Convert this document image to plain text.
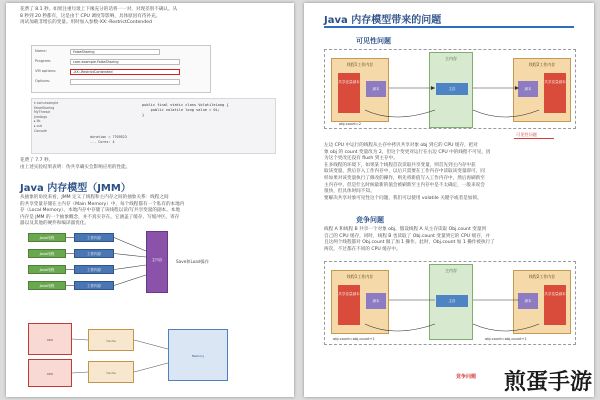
花费了 8.1 秒。如果注重垃圾上下缘充分的话将一一对，对现差别不确认。从
8 秒到 20 秒都有，这是由于 CPU 调度等影响，具体原因有待补充。
再试加载非增长的变量。用时加入参数-XX:-RestrictContended
Name:	FalseSharing
Program:	com.example.FalseSharing
VM options:	-XX:-RestrictContended
Options:
▾ com.example
FalseSharing
MyThread
JvmArgs
▸ lib
▸ out
Console
public final static class VolatileLong {
public volatile long value = 0L;
}
duration = 7709523
... Cores: 4
花费了 7.7 秒。
由上述实验结果表明：伪共享确实会影响应用的性能。
Java 内存模型（JMM）
从抽象的角度来看，JMM 定义了线程和主内存之间的抽象关系：线程之间
的共享变量存储在主内存（Main Memory）中，每个线程都有一个私有的本地内
存（Local Memory），本地内存中存储了该线程以读/写共享变量的副本。本地
内存是 JMM 的一个抽象概念，并不真实存在。它涵盖了缓存、写缓冲区、寄存
器以及其他的硬件和编译器优化。
Java线程	工作内存
Java线程	工作内存
Java线程	工作内存
Java线程	工作内存
主内存	Save和Load操作
CPU
CPU
Cache
Cache
Memory
Java 内存模型带来的问题
可见性问题
线程1工作内存
共享变量副本
副本
主内存
主存
线程2工作内存
副本
共享变量副本
obj.count=2
可见性问题
左边 CPU 中运行的线程从主存中拷贝共享对象 obj 到它的 CPU 缓存，把对
象 obj 的 count 变量改为 2，但这个变更对运行在右边 CPU 中的线程不可见，因
为这个更改还没有 flush 到主存中。
在多线程的环境下，如果某个线程首次读取共享变量，则首先到主内存中获
取该变量，然后存入工作内存中，以后只需要在工作内存中读取该变量即可。同
样如果对该变量执行了修改的操作，则先将新值写入工作内存中，然后再刷新至
主内存中。但是什么时候最新的值会被刷新至主内存中是不太确定，一般来说会
很快，但具体时间不知。
要解决共享对象可见性这个问题，我们可以使用 volatile 关键字或者是加锁。
竞争问题
线程 A 和线程 B 共享一个对象 obj。假设线程 A 从主存读取 Obj.count 变量到
自己的 CPU 缓存，同时，线程 B 也读取了 Obj.count 变量到它的 CPU 缓存，并
且这两个线程都对 Obj.count 做了加 1 操作。此时，Obj.count 加 1 操作被执行了
两次，不过都在不同的 CPU 缓存中。
线程1工作内存
共享变量副本
副本
主内存
主存
线程2工作内存
副本
共享变量副本
obj.count=obj.count+1	obj.count=obj.count+1
竞争问题 煎蛋手游
